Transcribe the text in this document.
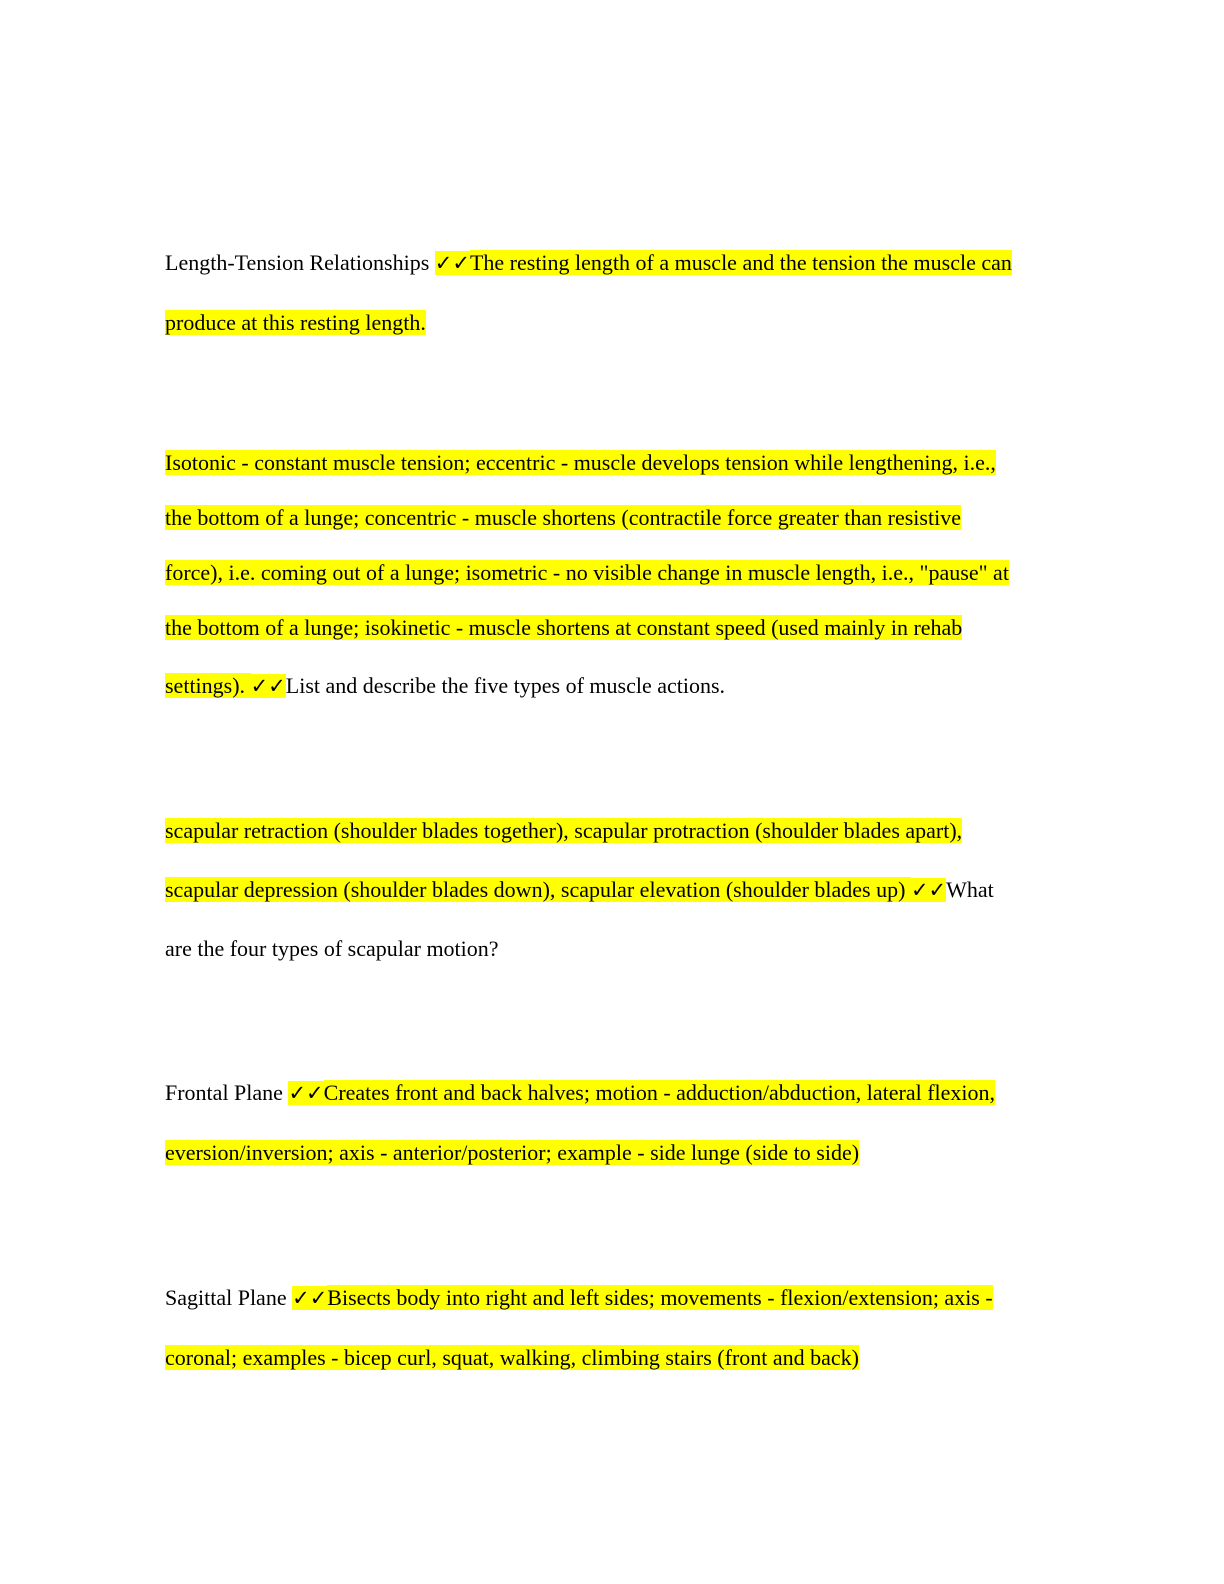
Length-Tension Relationships ✓✓The resting length of a muscle and the tension the muscle can

produce at this resting length.

Isotonic - constant muscle tension; eccentric - muscle develops tension while lengthening, i.e.,

the bottom of a lunge; concentric - muscle shortens (contractile force greater than resistive

force), i.e. coming out of a lunge; isometric - no visible change in muscle length, i.e., "pause" at

the bottom of a lunge; isokinetic - muscle shortens at constant speed (used mainly in rehab

settings). ✓✓List and describe the five types of muscle actions.

scapular retraction (shoulder blades together), scapular protraction (shoulder blades apart),

scapular depression (shoulder blades down), scapular elevation (shoulder blades up) ✓✓What

are the four types of scapular motion?

Frontal Plane ✓✓Creates front and back halves; motion - adduction/abduction, lateral flexion,

eversion/inversion; axis - anterior/posterior; example - side lunge (side to side)

Sagittal Plane ✓✓Bisects body into right and left sides; movements - flexion/extension; axis -

coronal; examples - bicep curl, squat, walking, climbing stairs (front and back)
